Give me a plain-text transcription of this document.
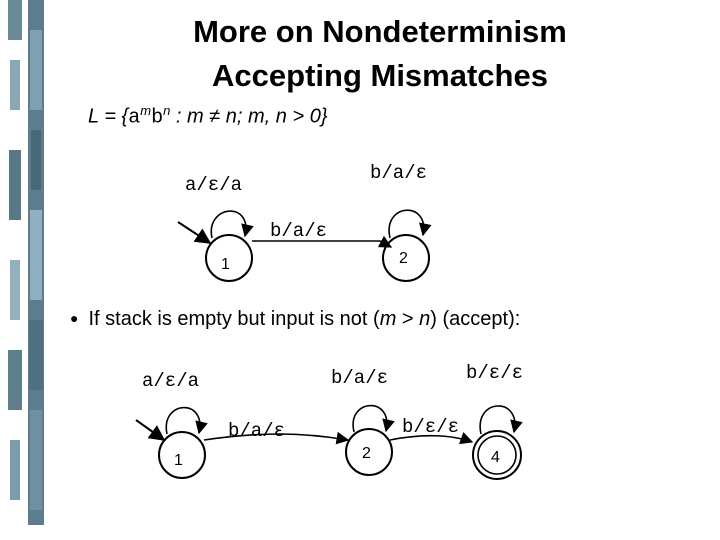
More on Nondeterminism
Accepting Mismatches
$L = \{a^mb^n$ : m ≠ n; m, n > 0}
1
a/ε/a
2
b/a/ε
b/a/ε
● If stack is empty but input is not (m > n) (accept):
1
a/ε/a
2
b/a/ε
b/a/ε
4
b/ε/ε
b/ε/ε
